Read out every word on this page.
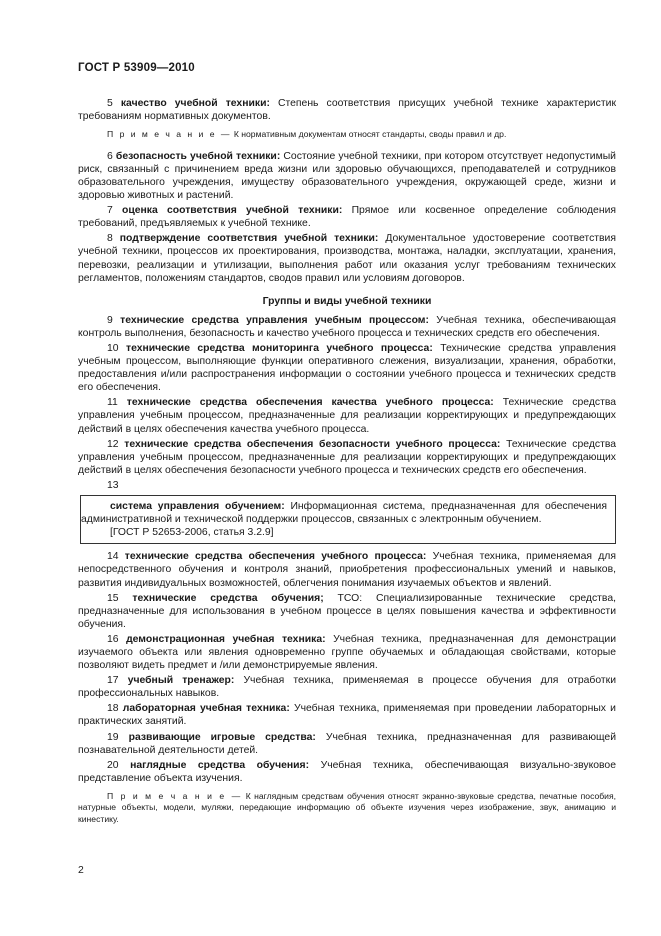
ГОСТ Р 53909—2010

5 качество учебной техники: Степень соответствия присущих учебной технике характеристик требованиям нормативных документов.

П р и м е ч а н и е — К нормативным документам относят стандарты, своды правил и др.

6 безопасность учебной техники: Состояние учебной техники, при котором отсутствует недопустимый риск, связанный с причинением вреда жизни или здоровью обучающихся, преподавателей и сотрудников образовательного учреждения, имуществу образовательного учреждения, окружающей среде, жизни и здоровью животных и растений.

7 оценка соответствия учебной техники: Прямое или косвенное определение соблюдения требований, предъявляемых к учебной технике.

8 подтверждение соответствия учебной техники: Документальное удостоверение соответствия учебной техники, процессов их проектирования, производства, монтажа, наладки, эксплуатации, хранения, перевозки, реализации и утилизации, выполнения работ или оказания услуг требованиям технических регламентов, положениям стандартов, сводов правил или условиям договоров.

Группы и виды учебной техники

9 технические средства управления учебным процессом: Учебная техника, обеспечивающая контроль выполнения, безопасность и качество учебного процесса и технических средств его обеспечения.

10 технические средства мониторинга учебного процесса: Технические средства управления учебным процессом, выполняющие функции оперативного слежения, визуализации, хранения, обработки, предоставления и/или распространения информации о состоянии учебного процесса и технических средств его обеспечения.

11 технические средства обеспечения качества учебного процесса: Технические средства управления учебным процессом, предназначенные для реализации корректирующих и предупреждающих действий в целях обеспечения качества учебного процесса.

12 технические средства обеспечения безопасности учебного процесса: Технические средства управления учебным процессом, предназначенные для реализации корректирующих и предупреждающих действий в целях обеспечения безопасности учебного процесса и технических средств его обеспечения.

13

система управления обучением: Информационная система, предназначенная для обеспечения административной и технической поддержки процессов, связанных с электронным обучением.

[ГОСТ Р 52653-2006, статья 3.2.9]

14 технические средства обеспечения учебного процесса: Учебная техника, применяемая для непосредственного обучения и контроля знаний, приобретения профессиональных умений и навыков, развития индивидуальных возможностей, облегчения понимания изучаемых объектов и явлений.

15 технические средства обучения; ТСО: Специализированные технические средства, предназначенные для использования в учебном процессе в целях повышения качества и эффективности обучения.

16 демонстрационная учебная техника: Учебная техника, предназначенная для демонстрации изучаемого объекта или явления одновременно группе обучаемых и обладающая свойствами, которые позволяют видеть предмет и /или демонстрируемые явления.

17 учебный тренажер: Учебная техника, применяемая в процессе обучения для отработки профессиональных навыков.

18 лабораторная учебная техника: Учебная техника, применяемая при проведении лабораторных и практических занятий.

19 развивающие игровые средства: Учебная техника, предназначенная для развивающей познавательной деятельности детей.

20 наглядные средства обучения: Учебная техника, обеспечивающая визуально-звуковое представление объекта изучения.

П р и м е ч а н и е — К наглядным средствам обучения относят экранно-звуковые средства, печатные пособия, натурные объекты, модели, муляжи, передающие информацию об объекте изучения через изображение, звук, анимацию и кинестику.

2
